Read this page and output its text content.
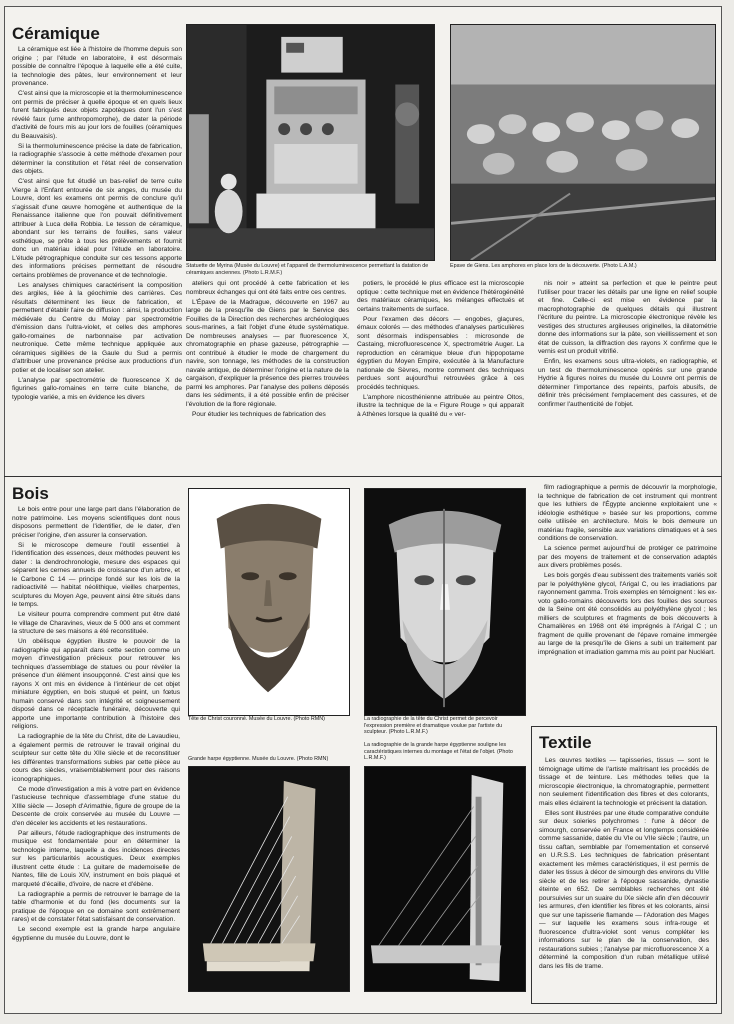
Céramique

La céramique est liée à l'histoire de l'homme depuis son origine ; par l'étude en laboratoire, il est désormais possible de connaître l'époque à laquelle elle a été cuite, la technologie des pâtes, leur environnement et leur provenance.

C'est ainsi que la microscopie et la thermoluminescence ont permis de préciser à quelle époque et en quels lieux furent fabriqués deux objets zapotèques dont l'un s'est révélé faux (urne anthropomorphe), de dater la période d'activité de fours mis au jour lors de fouilles (céramiques du Beauvaisis).

Si la thermoluminescence précise la date de fabrication, la radiographie s'associe à cette méthode d'examen pour déterminer la constitution et l'état réel de conservation des objets.

C'est ainsi que fut étudié un bas-relief de terre cuite Vierge à l'Enfant entourée de six anges, du musée du Louvre, dont les examens ont permis de conclure qu'il s'agissait d'une œuvre homogène et authentique de la Renaissance italienne que l'on pouvait définitivement attribuer à Luca della Robbia. Le tesson de céramique, abondant sur les terrains de fouilles, sans valeur esthétique, se prête à tous les prélèvements et fournit donc un matériau idéal pour l'étude en laboratoire. L'étude pétrographique conduite sur ces tessons apporte des informations précises permettant de résoudre certains problèmes de provenance et de technologie.

Les analyses chimiques caractérisent la composition des argiles, liée à la géochimie des carrières. Ces résultats déterminent les lieux de fabrication, et permettent d'établir l'aire de diffusion : ainsi, la production médiévale du Centre du Molay par spectrométrie d'émission dans l'ultra-violet, et celles des amphores gallo-romaines de narbonnaise par activation neutronique. Cette même technique appliquée aux céramiques sigillées de la Gaule du Sud a permis d'attribuer une provenance précise aux productions d'un potier et de localiser son atelier.

L'analyse par spectrométrie de fluorescence X de figurines gallo-romaines en terre cuite blanche, de typologie variée, a mis en évidence les divers

Statuette de Myrina (Musée du Louvre) et l'appareil de thermoluminescence permettant la datation de céramiques anciennes. (Photo L.R.M.F.)

Épave de Giens. Les amphores en place lors de la découverte. (Photo L.A.M.)

ateliers qui ont procédé à cette fabrication et les nombreux échanges qui ont été faits entre ces centres.

L'Épave de la Madrague, découverte en 1967 au large de la presqu'île de Giens par le Service des Fouilles de la Direction des recherches archéologiques sous-marines, a fait l'objet d'une étude systématique. De nombreuses analyses — par fluorescence X, chromatographie en phase gazeuse, pétrographie — ont contribué à étudier le mode de chargement du navire, son tonnage, les méthodes de la construction navale antique, de déterminer l'origine et la nature de la cargaison, d'expliquer la présence des pierres trouvées parmi les amphores. Par l'analyse des pollens déposés dans les sédiments, il a été possible enfin de préciser l'évolution de la flore régionale.

Pour étudier les techniques de fabrication des

potiers, le procédé le plus efficace est la microscopie optique : cette technique met en évidence l'hétérogénéité des matériaux céramiques, les mélanges effectués et certains traitements de surface.

Pour l'examen des décors — engobes, glaçures, émaux colorés — des méthodes d'analyses particulières sont désormais indispensables : microsonde de Castaing, microfluorescence X, spectrométrie Auger. La reproduction en céramique bleue d'un hippopotame égyptien du Moyen Empire, exécutée à la Manufacture nationale de Sèvres, montre comment des techniques perdues sont aujourd'hui retrouvées grâce à ces procédés techniques.

L'amphore nicosthénienne attribuée au peintre Oltos, illustre la technique de la « Figure Rouge » qui apparaît à Athènes lorsque la qualité du « ver-

nis noir » atteint sa perfection et que le peintre peut l'utiliser pour tracer les détails par une ligne en relief souple et fine. Celle-ci est mise en évidence par la macrophotographie de quelques détails qui illustrent l'écriture du peintre. La microscopie électronique révèle les vestiges des structures argileuses originelles, la dilatométrie donne des informations sur la pâte, son vieillissement et son état de cuisson, la diffraction des rayons X confirme que le vernis est un produit vitrifié.

Enfin, les examens sous ultra-violets, en radiographie, et un test de thermoluminescence opérés sur une grande Hydrie à figures noires du musée du Louvre ont permis de déterminer l'importance des repeints, parfois abusifs, de définir très précisément l'emplacement des cassures, et de confirmer l'authenticité de l'objet.

Bois

Le bois entre pour une large part dans l'élaboration de notre patrimoine. Les moyens scientifiques dont nous disposons permettent de l'identifier, de le dater, d'en préciser l'origine, d'en assurer la conservation.

Si le microscope demeure l'outil essentiel à l'identification des essences, deux méthodes peuvent les dater : la dendrochronologie, mesure des espaces qui séparent les cernes annuels de croissance d'un arbre, et le Carbone C 14 — principe fondé sur les lois de la radioactivité — habitat néolithique, vieilles charpentes, sculptures du Moyen Age, peuvent ainsi être situés dans le temps.

Le visiteur pourra comprendre comment put être daté le village de Charavines, vieux de 5 000 ans et comment la structure de ses maisons a été reconstituée.

Un obélisque égyptien illustre le pouvoir de la radiographie qui apparaît dans cette section comme un moyen d'investigation précieux pour retrouver les techniques d'assemblage de statues ou pour révéler la présence d'un élément insoupçonné. C'est ainsi que les rayons X ont mis en évidence à l'intérieur de cet objet miniature égyptien, en bois stuqué et peint, un fœtus humain conservé dans son intégrité et soigneusement disposé dans ce réceptacle funéraire, découverte qui apporte une importante contribution à l'histoire des religions.

La radiographie de la tête du Christ, dite de Lavaudieu, a également permis de retrouver le travail original du sculpteur sur cette tête du XIIe siècle et de reconstituer les différentes transformations subies par cette pièce au cours des siècles, vraisemblablement pour des raisons iconographiques.

Ce mode d'investigation a mis à votre part en évidence l'astucieuse technique d'assemblage d'une statue du XIIIe siècle — Joseph d'Arimathie, figure de groupe de la Descente de croix conservée au musée du Louvre — d'en déceler les accidents et les restaurations.

Par ailleurs, l'étude radiographique des instruments de musique est fondamentale pour en déterminer la technologie interne, laquelle a des incidences directes sur les particularités acoustiques. Deux exemples illustrent cette étude : La guitare de mademoiselle de Nantes, fille de Louis XIV, instrument en bois plaqué et marqueté d'écaille, d'ivoire, de nacre et d'ébène.

La radiographie a permis de retrouver le barrage de la table d'harmonie et du fond (les documents sur la pratique de l'époque en ce domaine sont extrêmement rares) et de constater l'état satisfaisant de conservation.

Le second exemple est la grande harpe angulaire égyptienne du musée du Louvre, dont le

Tête de Christ couronné. Musée du Louvre. (Photo RMN)	La radiographie de la tête du Christ permet de percevoir l'expression première et dramatique voulue par l'artiste du sculpteur. (Photo L.R.M.F.)

Grande harpe égyptienne. Musée du Louvre. (Photo RMN)

La radiographie de la grande harpe égyptienne souligne les caractéristiques internes du montage et l'état de l'objet. (Photo L.R.M.F.)

film radiographique a permis de découvrir la morphologie, la technique de fabrication de cet instrument qui montrent que les luthiers de l'Égypte ancienne exploitaient une « idéologie esthétique » basée sur les proportions, comme celle utilisée en architecture. Mois le bois demeure un matériau fragile, sensible aux variations climatiques et à ses conditions de conservation.

La science permet aujourd'hui de protéger ce patrimoine par des moyens de traitement et de conservation adaptés aux divers problèmes posés.

Les bois gorgés d'eau subissent des traitements variés soit par le polyéthylène glycol, l'Arigal C, ou les irradiations par rayonnement gamma. Trois exemples en témoignent : les ex-voto gallo-romains découverts lors des fouilles des sources de la Seine ont été consolidés au polyéthylène glycol ; les milliers de sculptures et fragments de bois découverts à Chamalières en 1968 ont été imprégnés à l'Arigal C ; un fragment de quille provenant de l'épave romaine immergée au large de la presqu'île de Giens a subi un traitement par imprégnation et irradiation gamma mis au point par Nucléart.

Textile

Les œuvres textiles — tapisseries, tissus — sont le témoignage ultime de l'artiste maîtrisant les procédés de tissage et de teinture. Les méthodes telles que la microscopie électronique, la chromatographie, permettent non seulement l'identification des fibres et des colorants, mais elles éclairent la technologie et précisent la datation.

Elles sont illustrées par une étude comparative conduite sur deux soieries polychromes : l'une à décor de simourgh, conservée en France et longtemps considérée comme sassanide, datée du VIe ou VIIe siècle ; l'autre, un tissu caftan, semblable par l'ornementation et conservé en U.R.S.S. Les techniques de fabrication présentant exactement les mêmes caractéristiques, il est permis de dater les tissus à décor de simourgh des environs du VIIIe siècle et de les retirer à l'époque sassanide, dynastie éteinte en 652. De semblables recherches ont été poursuivies sur un suaire du IXe siècle afin d'en découvrir les armures, d'en identifier les fibres et les colorants, ainsi que sur une tapisserie flamande — l'Adoration des Mages — sur laquelle les examens sous infra-rouge et fluorescence d'ultra-violet sont venus compléter les informations sur le plan de la conservation, des restaurations subies ; l'analyse par microfluorescence X a déterminé la composition d'un ruban métallique utilisé dans les fils de trame.
